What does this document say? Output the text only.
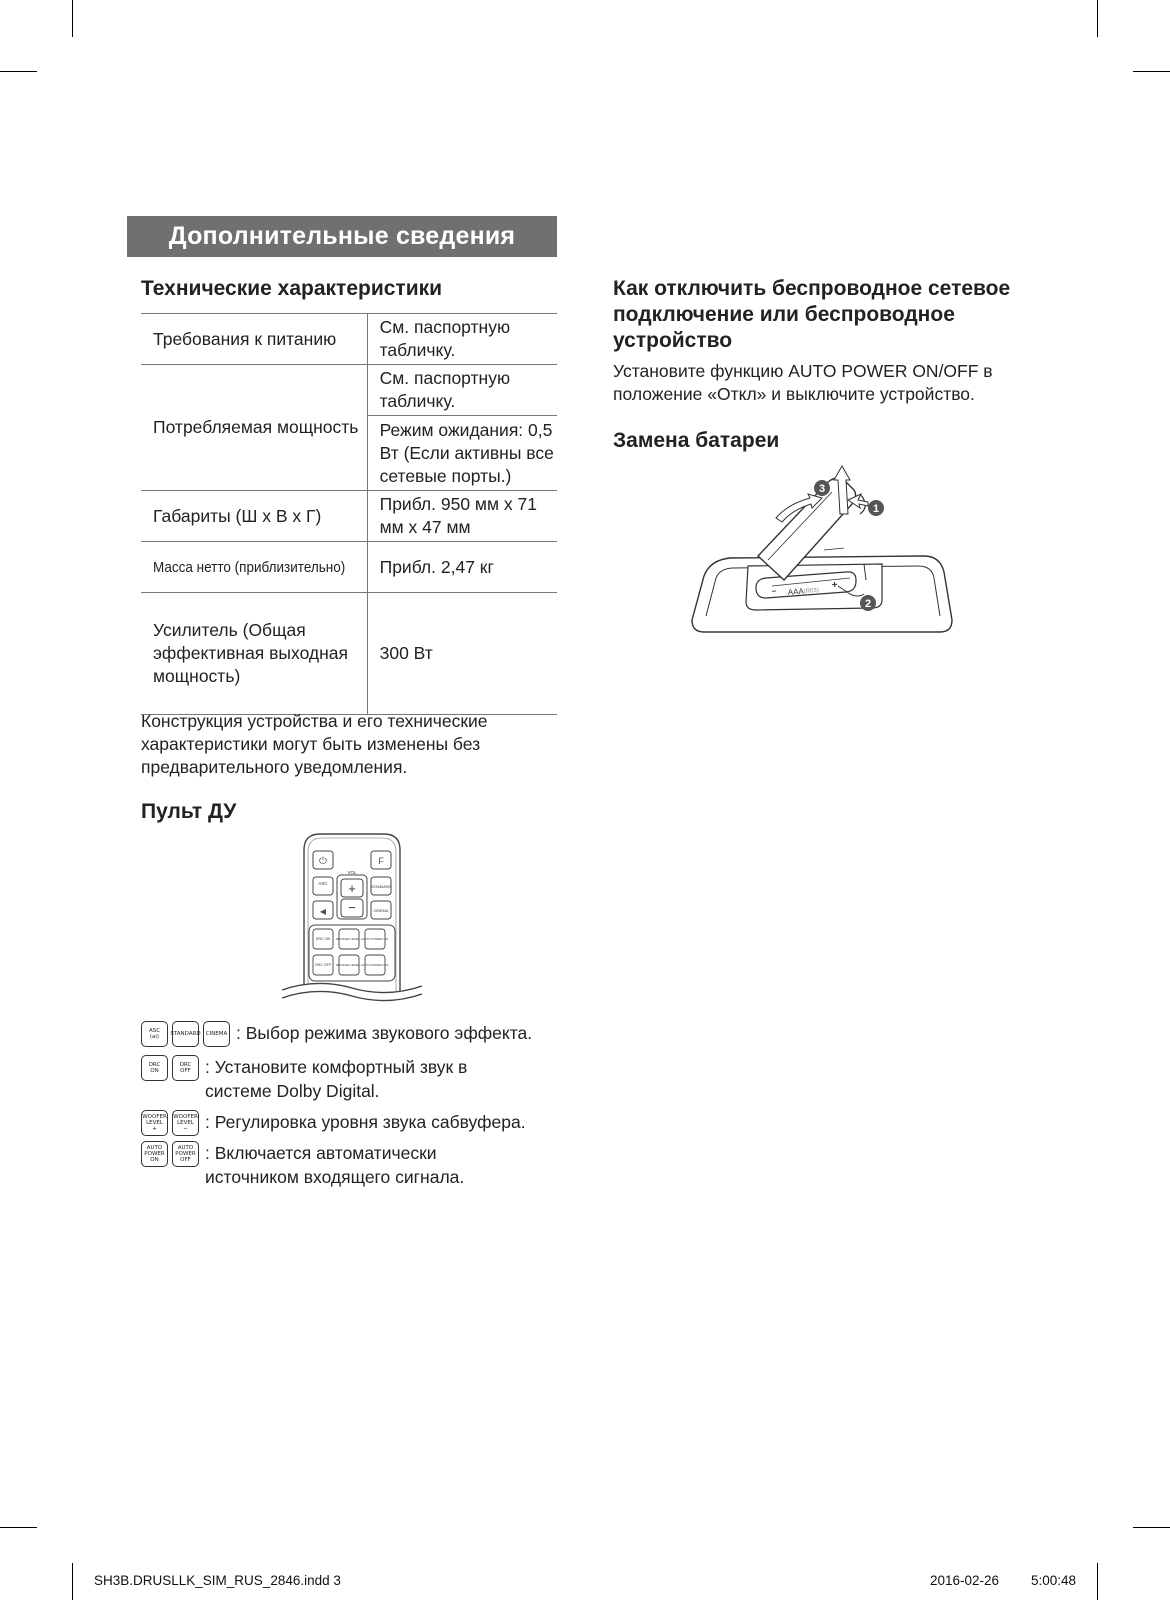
Дополнительные сведения
Технические характеристики
Требования к питанию	См. паспортную табличку.
Потребляемая мощность	См. паспортную табличку.
	Режим ожидания: 0,5 Вт (Если активны все сетевые порты.)
Габариты (Ш x В x Г)	Прибл. 950 мм x 71 мм x 47 мм

Масса нетто (приблизительно)	Прибл. 2,47 кг
Усилитель (Общая эффективная выходная мощность)	300 Вт
Конструкция устройства и его технические характеристики могут быть изменены без предварительного уведомления.
Пульт ДУ
⏻	F
ASC
VOL
+
−
STANDARD
◀	CINEMA
DRC ON WOOFER LEVEL + AUTO POWER ON
DRC OFF WOOFER LEVEL − AUTO POWER OFF
ASC
(ai)	STANDARD CINEMA : Выбор режима звукового эффекта.
DRC
ON
DRC
OFF : Установите комфортный звук в системе Dolby Digital.
WOOFER
LEVEL
+
WOOFER
LEVEL
− : Регулировка уровня звука сабвуфера.
AUTO
POWER
ON
AUTO
POWER
OFF : Включается автоматически источником входящего сигнала.
Как отключить беспроводное сетевое подключение или беспроводное устройство
Установите функцию AUTO POWER ON/OFF в положение «Откл» и выключите устройство.
Замена батареи
AAA (R03)
+
−
1
2
3
SH3B.DRUSLLK_SIM_RUS_2846.indd 3	2016-02-26 5:00:48
